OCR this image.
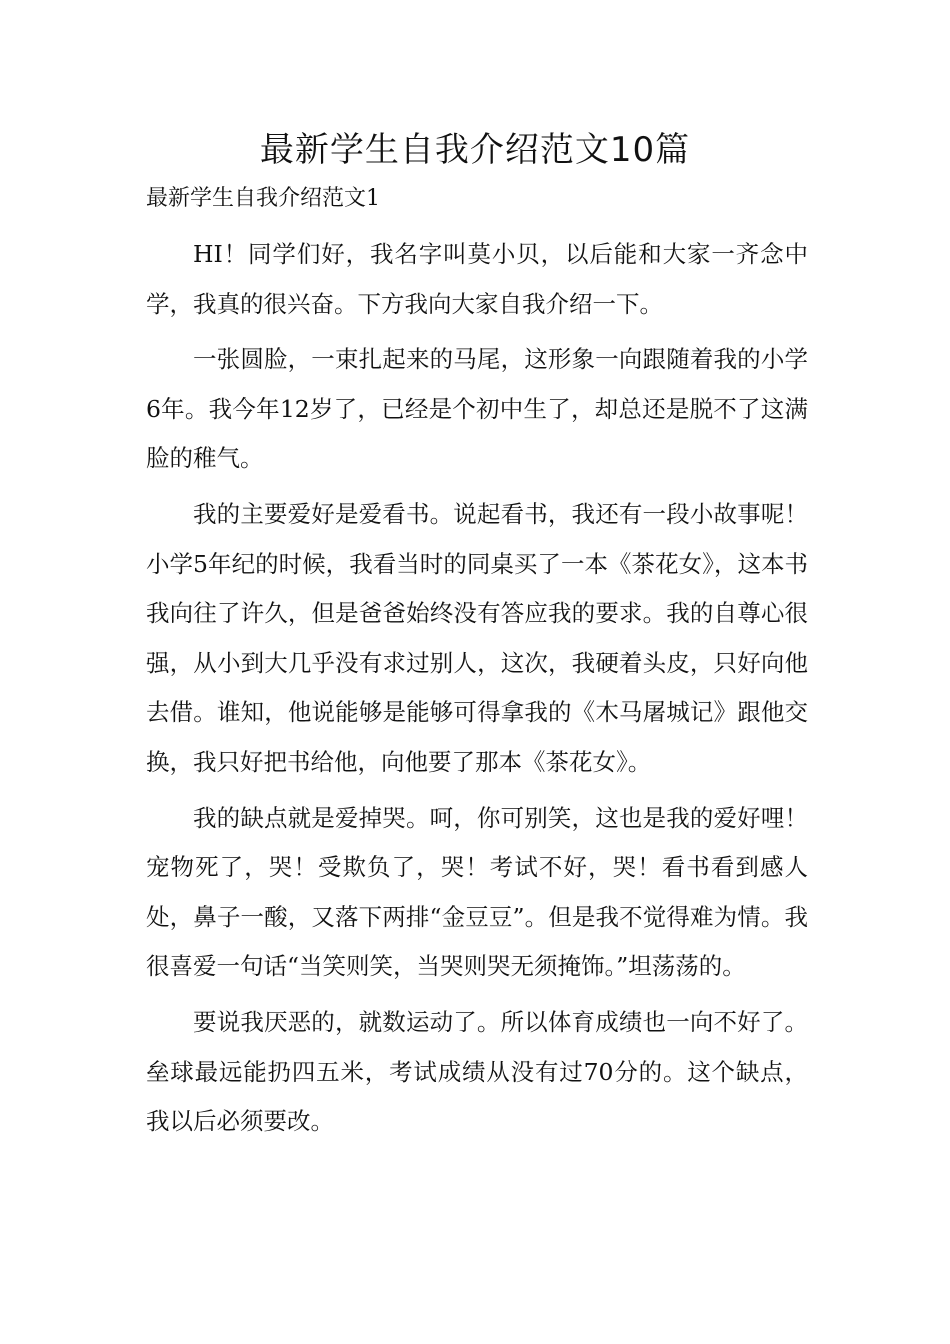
最新学生自我介绍范文10篇
最新学生自我介绍范文1

HI！同学们好，我名字叫莫小贝，以后能和大家一齐念中学，我真的很兴奋。下方我向大家自我介绍一下。

一张圆脸，一束扎起来的马尾，这形象一向跟随着我的小学6年。我今年12岁了，已经是个初中生了，却总还是脱不了这满脸的稚气。

我的主要爱好是爱看书。说起看书，我还有一段小故事呢！小学5年纪的时候，我看当时的同桌买了一本《茶花女》，这本书我向往了许久，但是爸爸始终没有答应我的要求。我的自尊心很强，从小到大几乎没有求过别人，这次，我硬着头皮，只好向他去借。谁知，他说能够是能够可得拿我的《木马屠城记》跟他交换，我只好把书给他，向他要了那本《茶花女》。

我的缺点就是爱掉哭。呵，你可别笑，这也是我的爱好哩！宠物死了，哭！受欺负了，哭！考试不好，哭！看书看到感人处，鼻子一酸，又落下两排“金豆豆”。但是我不觉得难为情。我很喜爱一句话“当笑则笑，当哭则哭无须掩饰。”坦荡荡的。

要说我厌恶的，就数运动了。所以体育成绩也一向不好了。垒球最远能扔四五米，考试成绩从没有过70分的。这个缺点，我以后必须要改。
